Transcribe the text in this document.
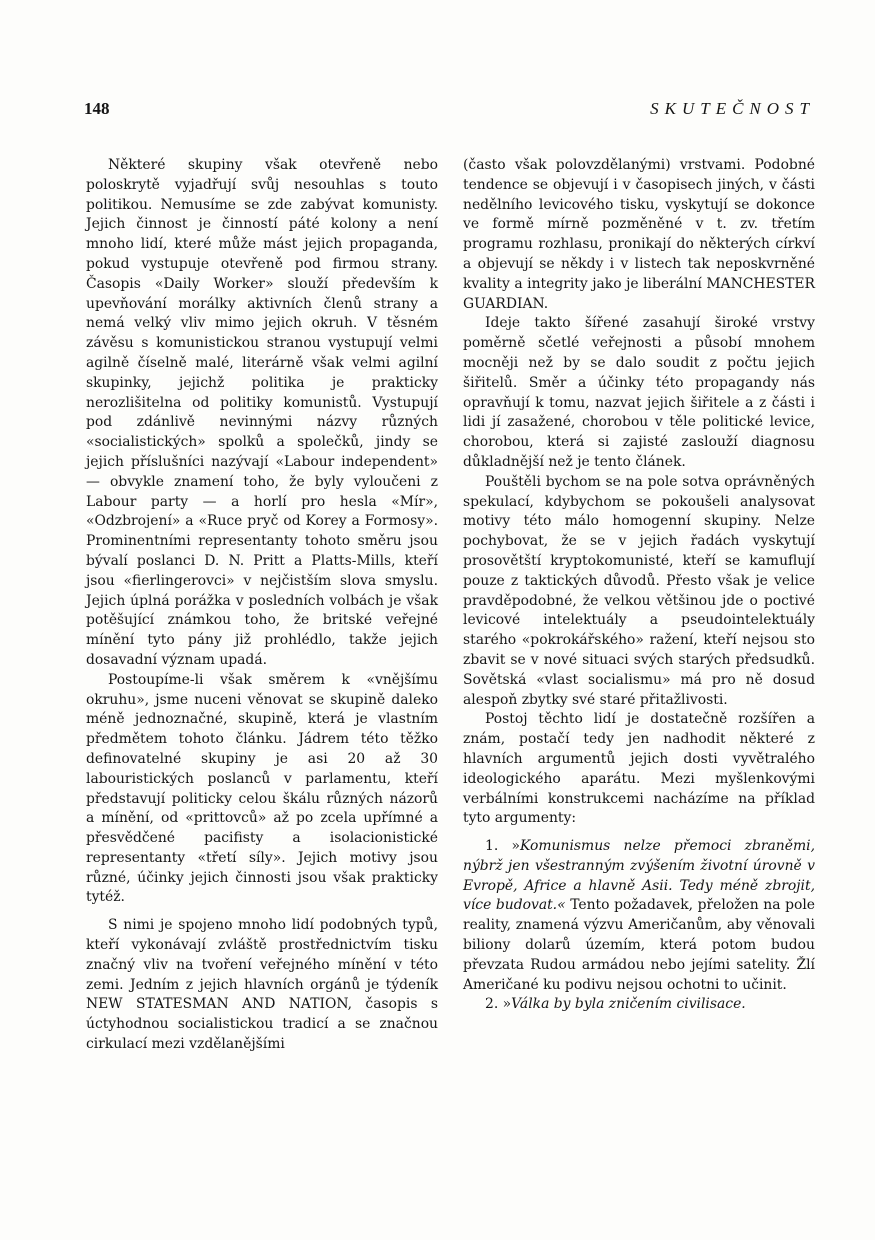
148	SKUTEČNOST

Některé skupiny však otevřeně nebo poloskrytě vyjadřují svůj nesouhlas s touto politikou. Nemusíme se zde zabývat komunisty. Jejich činnost je činností páté kolony a není mnoho lidí, které může mást jejich propaganda, pokud vystupuje otevřeně pod firmou strany. Časopis «Daily Worker» slouží především k upevňování morálky aktivních členů strany a nemá velký vliv mimo jejich okruh. V těsném závěsu s komunistickou stranou vystupují velmi agilně číselně malé, literárně však velmi agilní skupinky, jejichž politika je prakticky nerozlišitelna od politiky komunistů. Vystupují pod zdánlivě nevinnými názvy různých «socialistických» spolků a společků, jindy se jejich příslušníci nazývají «Labour independent» — obvykle znamení toho, že byly vyloučeni z Labour party — a horlí pro hesla «Mír», «Odzbrojení» a «Ruce pryč od Korey a Formosy». Prominentními representanty tohoto směru jsou bývalí poslanci D. N. Pritt a Platts-Mills, kteří jsou «fierlingerovci» v nejčistším slova smyslu. Jejich úplná porážka v posledních volbách je však potěšující známkou toho, že britské veřejné mínění tyto pány již prohlédlo, takže jejich dosavadní význam upadá.

Postoupíme-li však směrem k «vnějšímu okruhu», jsme nuceni věnovat se skupině daleko méně jednoznačné, skupině, která je vlastním předmětem tohoto článku. Jádrem této těžko definovatelné skupiny je asi 20 až 30 labouristických poslanců v parlamentu, kteří představují politicky celou škálu různých názorů a mínění, od «prittovců» až po zcela upřímné a přesvědčené pacifisty a isolacionistické representanty «třetí síly». Jejich motivy jsou různé, účinky jejich činnosti jsou však prakticky tytéž.

S nimi je spojeno mnoho lidí podobných typů, kteří vykonávají zvláště prostřednictvím tisku značný vliv na tvoření veřejného mínění v této zemi. Jedním z jejich hlavních orgánů je týdeník NEW STATESMAN AND NATION, časopis s úctyhodnou socialistickou tradicí a se značnou cirkulací mezi vzdělanějšími

(často však polovzdělanými) vrstvami. Podobné tendence se objevují i v časopisech jiných, v části nedělního levicového tisku, vyskytují se dokonce ve formě mírně pozměněné v t. zv. třetím programu rozhlasu, pronikají do některých církví a objevují se někdy i v listech tak neposkvrněné kvality a integrity jako je liberální MANCHESTER GUARDIAN.

Ideje takto šířené zasahují široké vrstvy poměrně sčetlé veřejnosti a působí mnohem mocněji než by se dalo soudit z počtu jejich šiřitelů. Směr a účinky této propagandy nás opravňují k tomu, nazvat jejich šiřitele a z části i lidi jí zasažené, chorobou v těle politické levice, chorobou, která si zajisté zaslouží diagnosu důkladnější než je tento článek.

Pouštěli bychom se na pole sotva oprávněných spekulací, kdybychom se pokoušeli analysovat motivy této málo homogenní skupiny. Nelze pochybovat, že se v jejich řadách vyskytují prosovětští kryptokomunisté, kteří se kamuflují pouze z taktických důvodů. Přesto však je velice pravděpodobné, že velkou většinou jde o poctivé levicové intelektuály a pseudointelektuály starého «pokrokářského» ražení, kteří nejsou sto zbavit se v nové situaci svých starých předsudků. Sovětská «vlast socialismu» má pro ně dosud alespoň zbytky své staré přitažlivosti.

Postoj těchto lidí je dostatečně rozšířen a znám, postačí tedy jen nadhodit některé z hlavních argumentů jejich dosti vyvětralého ideologického aparátu. Mezi myšlenkovými verbálními konstrukcemi nacházíme na příklad tyto argumenty:

1. »Komunismus nelze přemoci zbraněmi, nýbrž jen všestranným zvýšením životní úrovně v Evropě, Africe a hlavně Asii. Tedy méně zbrojit, více budovat.« Tento požadavek, přeložen na pole reality, znamená výzvu Američanům, aby věnovali biliony dolarů územím, která potom budou převzata Rudou armádou nebo jejími satelity. Žlí Američané ku podivu nejsou ochotni to učinit.

2. »Válka by byla zničením civilisace.
